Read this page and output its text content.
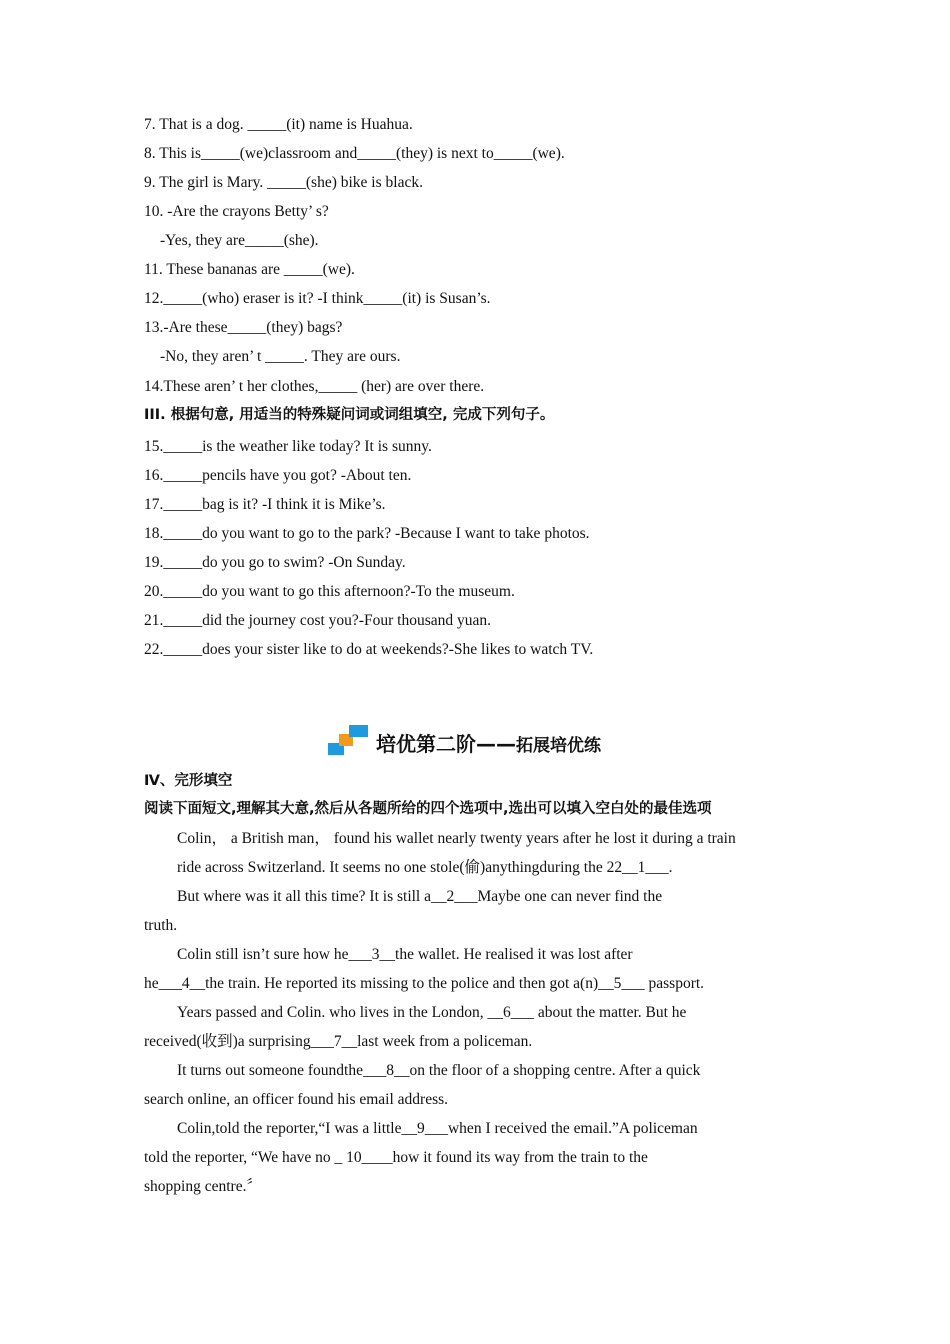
7. That is a dog. _____(it) name is Huahua.
8. This is_____(we)classroom and_____(they) is next to_____(we).
9. The girl is Mary. _____(she) bike is black.
10. -Are the crayons Betty’ s?
-Yes, they are_____(she).
11. These bananas are _____(we).
12._____(who) eraser is it? -I think_____(it) is Susan’s.
13.-Are these_____(they) bags?
-No, they aren’ t _____. They are ours.
14.These aren’ t her clothes,_____ (her) are over there.
III. 根据句意, 用适当的特殊疑问词或词组填空, 完成下列句子。
15._____is the weather like today? It is sunny.
16._____pencils have you got? -About ten.
17._____bag is it? -I think it is Mike’s.
18._____do you want to go to the park? -Because I want to take photos.
19._____do you go to swim? -On Sunday.
20._____do you want to go this afternoon?-To the museum.
21._____did the journey cost you?-Four thousand yuan.
22._____does your sister like to do at weekends?-She likes to watch TV.
培优第二阶——拓展培优练
Ⅳ、完形填空
阅读下面短文,理解其大意,然后从各题所给的四个选项中,选出可以填入空白处的最佳选项
Colin， a British man， found his wallet nearly twenty years after he lost it during a train
ride across Switzerland. It seems no one stole(偷)anythingduring the 22__1___.
But where was it all this time? It is still a__2___Maybe one can never find the
truth.
Colin still isn’t sure how he___3__the wallet. He realised it was lost after
he___4__the train. He reported its missing to the police and then got a(n)__5___ passport.
Years passed and Colin. who lives in the London, __6___ about the matter. But he
received(收到)a surprising___7__last week from a policeman.
It turns out someone foundthe___8__on the floor of a shopping centre. After a quick
search online, an officer found his email address.
Colin,told the reporter,“I was a little__9___when I received the email.”A policeman
told the reporter, “We have no _ 10____how it found its way from the train to the
shopping centre.〞
